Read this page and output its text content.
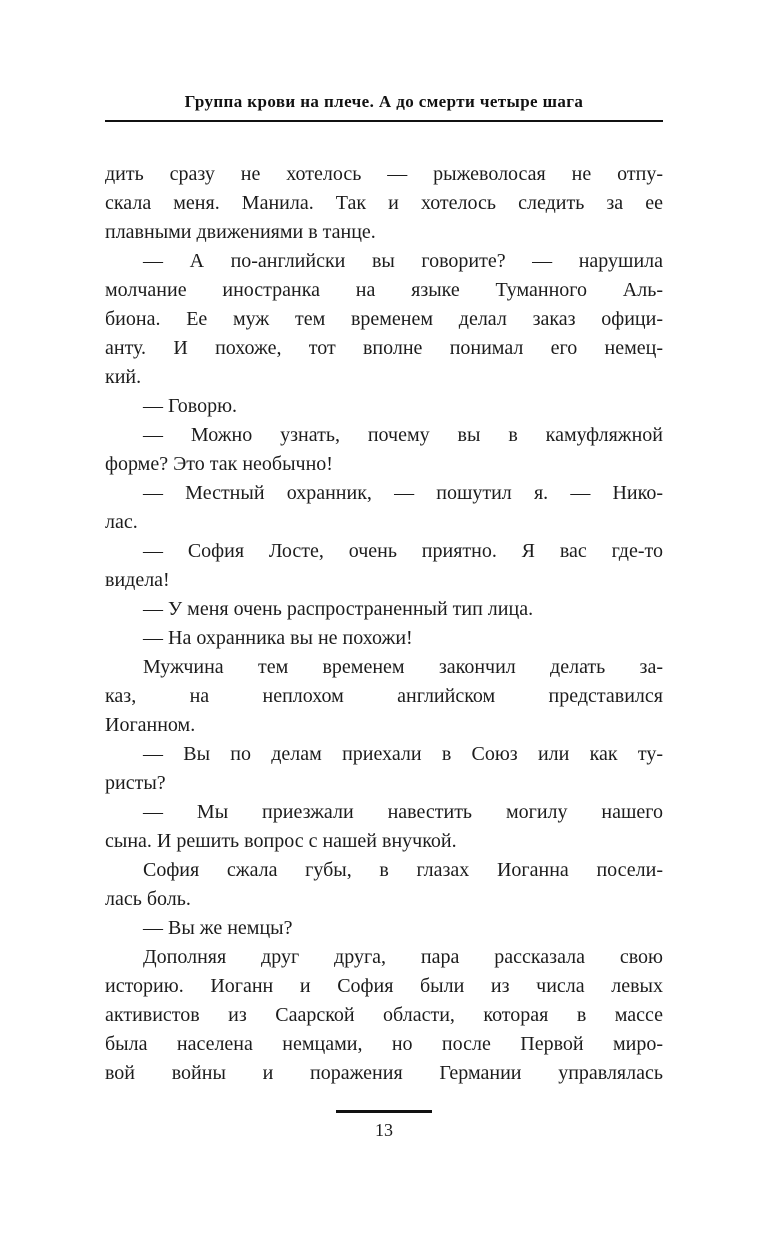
Группа крови на плече. А до смерти четыре шага
дить сразу не хотелось — рыжеволосая не отпу-
скала меня. Манила. Так и хотелось следить за ее
плавными движениями в танце.
— А по-английски вы говорите? — нарушила
молчание иностранка на языке Туманного Аль-
биона. Ее муж тем временем делал заказ офици-
анту. И похоже, тот вполне понимал его немец-
кий.
— Говорю.
— Можно узнать, почему вы в камуфляжной
форме? Это так необычно!
— Местный охранник, — пошутил я. — Нико-
лас.
— София Лосте, очень приятно. Я вас где-то
видела!
— У меня очень распространенный тип лица.
— На охранника вы не похожи!
Мужчина тем временем закончил делать за-
каз, на неплохом английском представился
Иоганном.
— Вы по делам приехали в Союз или как ту-
ристы?
— Мы приезжали навестить могилу нашего
сына. И решить вопрос с нашей внучкой.
София сжала губы, в глазах Иоганна посели-
лась боль.
— Вы же немцы?
Дополняя друг друга, пара рассказала свою
историю. Иоганн и София были из числа левых
активистов из Саарской области, которая в массе
была населена немцами, но после Первой миро-
вой войны и поражения Германии управлялась
13
